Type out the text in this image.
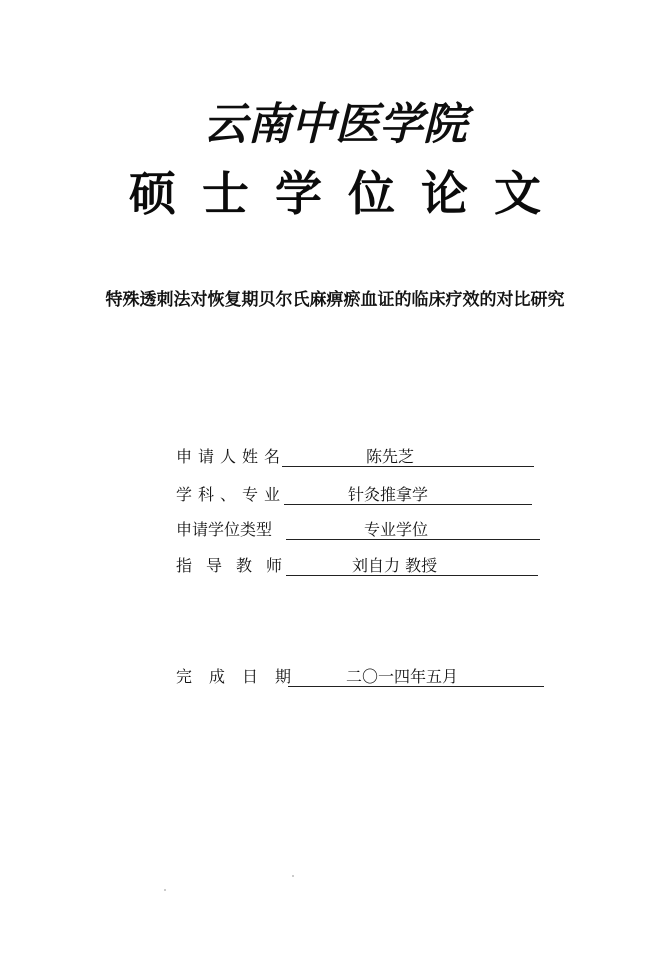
云南中医学院
硕士学位论文
特殊透刺法对恢复期贝尔氏麻痹瘀血证的临床疗效的对比研究
申请人姓名	陈先芝
学科、专业	针灸推拿学
申请学位类型	专业学位
指导教师	刘自力 教授
完成日期 二〇一四年五月
